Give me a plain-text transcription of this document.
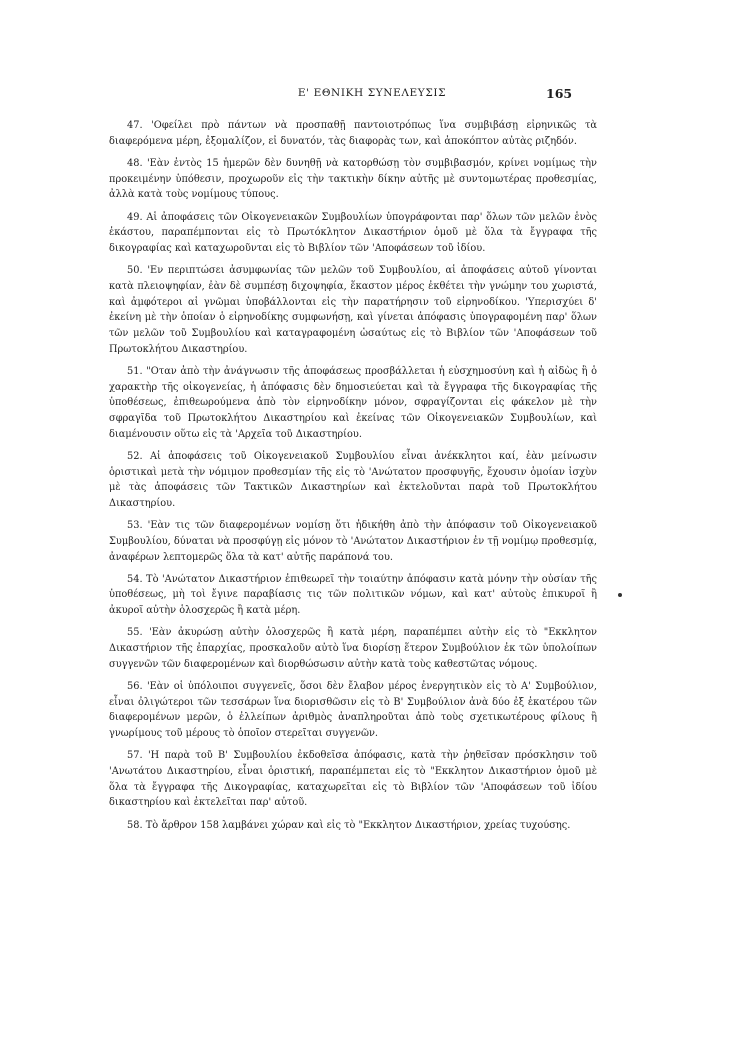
Ε' ΕΘΝΙΚΗ ΣΥΝΕΛΕΥΣΙΣ	165

47. 'Οφείλει πρὸ πάντων νὰ προσπαθῇ παντοιοτρόπως ἵνα συμβιβάσῃ εἰρηνικῶς τὰ διαφερόμενα μέρη, ἐξομαλίζον, εἰ δυνατόν, τὰς διαφορὰς των, καὶ ἀποκόπτον αὐτὰς ριζηδόν.

48. 'Εὰν ἐντὸς 15 ἡμερῶν δὲν δυνηθῇ νὰ κατορθώσῃ τὸν συμβιβασμόν, κρίνει νομίμως τὴν προκειμένην ὑπόθεσιν, προχωροῦν εἰς τὴν τακτικὴν δίκην αὐτῆς μὲ συντομωτέρας προθεσμίας, ἀλλὰ κατὰ τοὺς νομίμους τύπους.

49. Αἱ ἀποφάσεις τῶν Οἰκογενειακῶν Συμβουλίων ὑπογράφονται παρ' ὅλων τῶν μελῶν ἑνὸς ἑκάστου, παραπέμπονται εἰς τὸ Πρωτόκλητον Δικαστήριον ὁμοῦ μὲ ὅλα τὰ ἔγγραφα τῆς δικογραφίας καὶ καταχωροῦνται εἰς τὸ Βιβλίον τῶν 'Αποφάσεων τοῦ ἰδίου.

50. 'Εν περιπτώσει ἀσυμφωνίας τῶν μελῶν τοῦ Συμβουλίου, αἱ ἀποφάσεις αὐτοῦ γίνονται κατὰ πλειοψηφίαν, ἐὰν δὲ συμπέσῃ διχοψηφία, ἕκαστον μέρος ἐκθέτει τὴν γνώμην του χωριστά, καὶ ἀμφότεροι αἱ γνῶμαι ὑποβάλλονται εἰς τὴν παρατήρησιν τοῦ εἰρηνοδίκου. 'Υπερισχύει δ' ἐκείνη μὲ τὴν ὁποίαν ὁ εἰρηνοδίκης συμφωνήσῃ, καὶ γίνεται ἀπόφασις ὑπογραφομένη παρ' ὅλων τῶν μελῶν τοῦ Συμβουλίου καὶ καταγραφομένη ὡσαύτως εἰς τὸ Βιβλίον τῶν 'Αποφάσεων τοῦ Πρωτοκλήτου Δικαστηρίου.

51. "Οταν ἀπὸ τὴν ἀνάγνωσιν τῆς ἀποφάσεως προσβάλλεται ἡ εὐσχημοσύνη καὶ ἡ αἰδὼς ἢ ὁ χαρακτὴρ τῆς οἰκογενείας, ἡ ἀπόφασις δὲν δημοσιεύεται καὶ τὰ ἔγγραφα τῆς δικογραφίας τῆς ὑποθέσεως, ἐπιθεωρούμενα ἀπὸ τὸν εἰρηνοδίκην μόνον, σφραγίζονται εἰς φάκελον μὲ τὴν σφραγῖδα τοῦ Πρωτοκλήτου Δικαστηρίου καὶ ἐκείνας τῶν Οἰκογενειακῶν Συμβουλίων, καὶ διαμένουσιν οὕτω εἰς τὰ 'Αρχεῖα τοῦ Δικαστηρίου.

52. Αἱ ἀποφάσεις τοῦ Οἰκογενειακοῦ Συμβουλίου εἶναι ἀνέκκλητοι καί, ἐὰν μείνωσιν ὁριστικαὶ μετὰ τὴν νόμιμον προθεσμίαν τῆς εἰς τὸ 'Ανώτατον προσφυγῆς, ἔχουσιν ὁμοίαν ἰσχὺν μὲ τὰς ἀποφάσεις τῶν Τακτικῶν Δικαστηρίων καὶ ἐκτελοῦνται παρὰ τοῦ Πρωτοκλήτου Δικαστηρίου.

53. 'Εὰν τις τῶν διαφερομένων νομίσῃ ὅτι ἠδικήθη ἀπὸ τὴν ἀπόφασιν τοῦ Οἰκογενειακοῦ Συμβουλίου, δύναται νὰ προσφύγῃ εἰς μόνον τὸ 'Ανώτατον Δικαστήριον ἐν τῇ νομίμῳ προθεσμίᾳ, ἀναφέρων λεπτομερῶς ὅλα τὰ κατ' αὐτῆς παράπονά του.

54. Τὸ 'Ανώτατον Δικαστήριον ἐπιθεωρεῖ τὴν τοιαύτην ἀπόφασιν κατὰ μόνην τὴν οὐσίαν τῆς ὑποθέσεως, μὴ τοὶ ἔγινε παραβίασις τις τῶν πολιτικῶν νόμων, καὶ κατ' αὐτοὺς ἐπικυροῖ ἢ ἀκυροῖ αὐτὴν ὁλοσχερῶς ἢ κατὰ μέρη.

55. 'Εὰν ἀκυρώσῃ αὐτὴν ὁλοσχερῶς ἢ κατὰ μέρη, παραπέμπει αὐτὴν εἰς τὸ "Εκκλητον Δικαστήριον τῆς ἐπαρχίας, προσκαλοῦν αὐτὸ ἵνα διορίσῃ ἕτερον Συμβούλιον ἐκ τῶν ὑπολοίπων συγγενῶν τῶν διαφερομένων καὶ διορθώσωσιν αὐτὴν κατὰ τοὺς καθεστῶτας νόμους.

56. 'Εὰν οἱ ὑπόλοιποι συγγενεῖς, ὅσοι δὲν ἔλαβον μέρος ἐνεργητικὸν εἰς τὸ Α' Συμβούλιον, εἶναι ὀλιγώτεροι τῶν τεσσάρων ἵνα διορισθῶσιν εἰς τὸ Β' Συμβούλιον ἀνὰ δύο ἐξ ἑκατέρου τῶν διαφερομένων μερῶν, ὁ ἐλλείπων ἀριθμὸς ἀναπληροῦται ἀπὸ τοὺς σχετικωτέρους φίλους ἢ γνωρίμους τοῦ μέρους τὸ ὁποῖον στερεῖται συγγενῶν.

57. 'Η παρὰ τοῦ Β' Συμβουλίου ἐκδοθεῖσα ἀπόφασις, κατὰ τὴν ῥηθεῖσαν πρόσκλησιν τοῦ 'Ανωτάτου Δικαστηρίου, εἶναι ὁριστική, παραπέμπεται εἰς τὸ "Εκκλητον Δικαστήριον ὁμοῦ μὲ ὅλα τὰ ἔγγραφα τῆς Δικογραφίας, καταχωρεῖται εἰς τὸ Βιβλίον τῶν 'Αποφάσεων τοῦ ἰδίου δικαστηρίου καὶ ἐκτελεῖται παρ' αὐτοῦ.

58. Τὸ ἄρθρον 158 λαμβάνει χώραν καὶ εἰς τὸ "Εκκλητον Δικαστήριον, χρείας τυχούσης.
